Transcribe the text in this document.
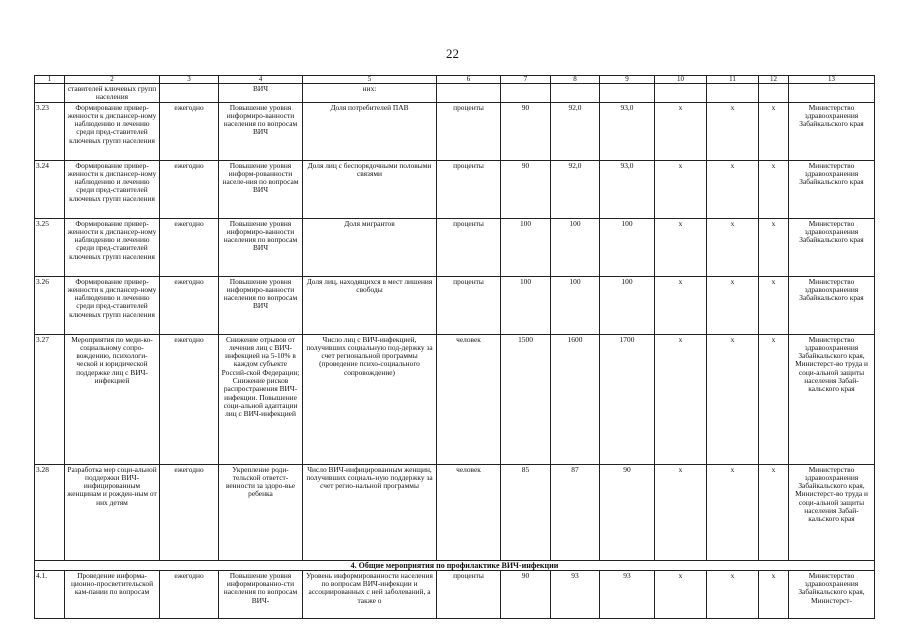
22
1	2	3	4	5	6	7	8	9	10	11	12	13
	ставителей ключевых групп населения		ВИЧ	них:								
3.23	Формирование привер-женности к диспансер-ному наблюдению и лечению среди пред-ставителей ключевых групп населения	ежегодно	Повышение уровня информиро-ванности населения по вопросам ВИЧ	Доля потребителей ПАВ	проценты	90	92,0	93,0	х	х	х	Министерство здравоохранения Забайкальского края
3.24	Формирование привер-женности к диспансер-ному наблюдению и лечению среди пред-ставителей ключевых групп населения	ежегодно	Повышение уровня информ-рованности населе-ния по вопросам ВИЧ	Доля лиц с беспорядочными половыми связями	проценты	90	92,0	93,0	х	х	х	Министерство здравоохранения Забайкальского края
3.25	Формирование привер-женности к диспансер-ному наблюдению и лечению среди пред-ставителей ключевых групп населения	ежегодно	Повышение уровня информиро-ванности населения по вопросам ВИЧ	Доля мигрантов	проценты	100	100	100	х	х	х	Министерство здравоохранения Забайкальского края
3.26	Формирование привер-женности к диспансер-ному наблюдению и лечению среди пред-ставителей ключевых групп населения	ежегодно	Повышение уровня информиро-ванности населения по вопросам ВИЧ	Доля лиц, находящихся в мест лишения свободы	проценты	100	100	100	х	х	х	Министерство здравоохранения Забайкальского края
3.27	Мероприятия по меди-ко-социальному сопро-вождению, психологи-ческой и юридической поддержке лиц с ВИЧ-инфекцией	ежегодно	Снижение отрывов от лечения лиц с ВИЧ-инфекцией на 5-10% в каждом субъекте Россий-ской Федерации; Снижение рисков распространения ВИЧ-инфекции. Повышение соци-альной адаптации лиц с ВИЧ-инфекцией	Число лиц с ВИЧ-инфекцией, получивших социальную под-держку за счет региональной программы (проведение психо-социального сопровождение)	человек	1500	1600	1700	х	х	х	Министерство здравоохранения Забайкальского края, Министерст-во труда и соци-альной защиты населения Забай-кальского края
3.28	Разработка мер соци-альной поддержки ВИЧ-инфицированным женщинам и рожден-ным от них детям	ежегодно	Укрепление роди-тельской ответст-венности за здоро-вье ребенка	Число ВИЧ-инфицированным женщин, получивших социаль-ную поддержку за счет регио-нальной программы	человек	85	87	90	х	х	х	Министерство здравоохранения Забайкальского края, Министерст-во труда и соци-альной защиты населения Забай-кальского края
4. Общие мероприятия по профилактике ВИЧ-инфекции												
4.1.	Проведение информа-ционно-просветительской кам-пании по вопросам	ежегодно	Повышение уровня информированно-сти населения по вопросам ВИЧ-	Уровень информированности населения по вопросам ВИЧ-инфекции и ассоциированных с ней заболеваний, а также о	проценты	90	93	93	х	х	х	Министерство здравоохранения Забайкальского края, Министерст-
